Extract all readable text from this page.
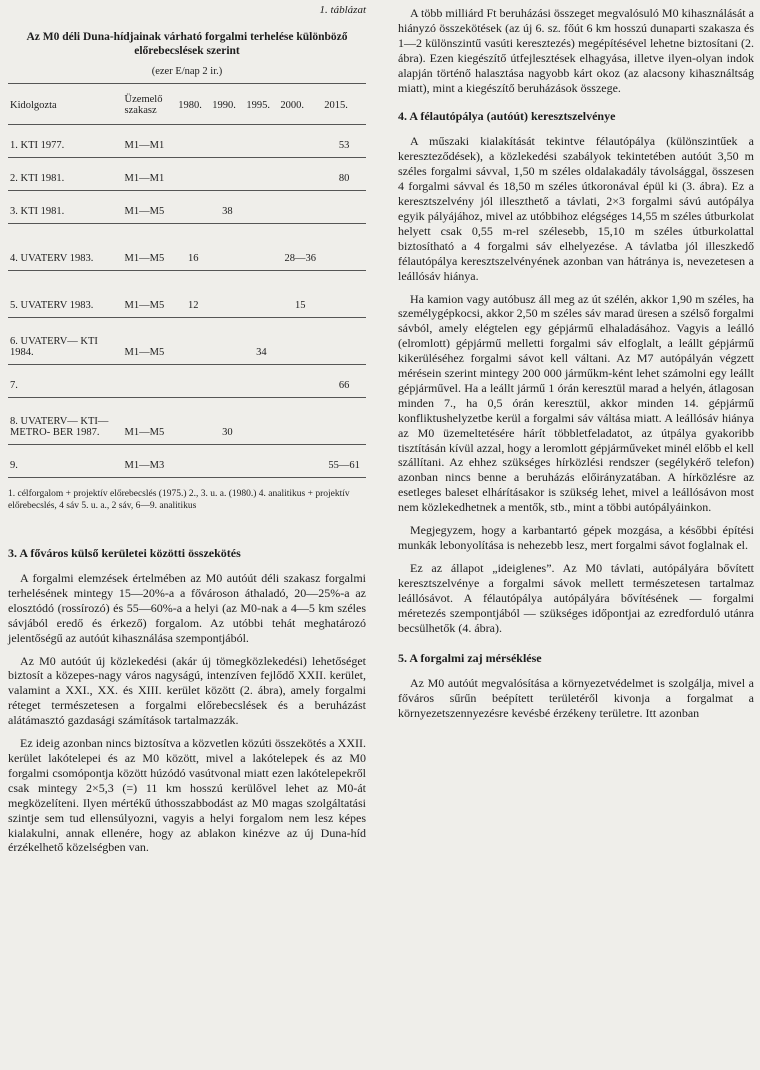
1. táblázat
Az M0 déli Duna-hídjainak várható forgalmi terhelése különböző előrebecslések szerint
(ezer E/nap 2 ir.)
Kidolgozta	Üzemelő szakasz	1980.	1990.	1995.	2000.	2015.
1. KTI 1977.	M1—M1					53
2. KTI 1981.	M1—M1					80
3. KTI 1981.	M1—M5		38			
4. UVATERV 1983.	M1—M5	16			28—36	
5. UVATERV 1983.	M1—M5	12			15	
6. UVATERV— KTI 1984.	M1—M5			34		
7.						66
8. UVATERV— KTI—METRO- BER 1987.	M1—M5		30			
9.	M1—M3					55—61
1. célforgalom + projektív előrebecslés (1975.) 2., 3. u. a. (1980.) 4. analitikus + projektív előrebecslés, 4 sáv 5. u. a., 2 sáv, 6—9. analitikus
3. A főváros külső kerületei közötti összekötés

A forgalmi elemzések értelmében az M0 autóút déli szakasz forgalmi terhelésének mintegy 15—20%-a a fővároson áthaladó, 20—25%-a az elosztódó (rossírozó) és 55—60%-a a helyi (az M0-nak a 4—5 km széles sávjából eredő és érkező) forgalom. Az utóbbi tehát meghatározó jelentőségű az autóút kihasználása szempontjából.

Az M0 autóút új közlekedési (akár új tömegközlekedési) lehetőséget biztosít a közepes-nagy város nagyságú, intenzíven fejlődő XXII. kerület, valamint a XXI., XX. és XIII. kerület között (2. ábra), amely forgalmi réteget természetesen a forgalmi előrebecslések és a beruházást alátámasztó gazdasági számítások tartalmazzák.

Ez ideig azonban nincs biztosítva a közvetlen közúti összekötés a XXII. kerület lakótelepei és az M0 között, mivel a lakótelepek és az M0 forgalmi csomópontja között húzódó vasútvonal miatt ezen lakótelepekről csak mintegy 2×5,3 (=) 11 km hosszú kerülővel lehet az M0-át megközelíteni. Ilyen mértékű úthosszabbodást az M0 magas szolgáltatási szintje sem tud ellensúlyozni, vagyis a helyi forgalom nem lesz képes kialakulni, annak ellenére, hogy az ablakon kinézve az új Duna-híd érzékelhető közelségben van.

A több milliárd Ft beruházási összeget megvalósuló M0 kihasználását a hiányzó összekötések (az új 6. sz. főút 6 km hosszú dunaparti szakasza és 1—2 különszintű vasúti keresztezés) megépítésével lehetne biztosítani (2. ábra). Ezen kiegészítő útfejlesztések elhagyása, illetve ilyen-olyan indok alapján történő halasztása nagyobb kárt okoz (az alacsony kihasználtság miatt), mint a kiegészítő beruházások összege.

4. A félautópálya (autóút) keresztszelvénye

A műszaki kialakítását tekintve félautópálya (különszintűek a kereszteződések), a közlekedési szabályok tekintetében autóút 3,50 m széles forgalmi sávval, 1,50 m széles oldalakadály távolsággal, összesen 4 forgalmi sávval és 18,50 m széles útkoronával épül ki (3. ábra). Ez a keresztszelvény jól illeszthető a távlati, 2×3 forgalmi sávú autópálya egyik pályájához, mivel az utóbbihoz elégséges 14,55 m széles útburkolat helyett csak 0,55 m-rel szélesebb, 15,10 m széles útburkolattal biztosítható a 4 forgalmi sáv elhelyezése. A távlatba jól illeszkedő félautópálya keresztszelvényének azonban van hátránya is, nevezetesen a leállósáv hiánya.

Ha kamion vagy autóbusz áll meg az út szélén, akkor 1,90 m széles, ha személygépkocsi, akkor 2,50 m széles sáv marad üresen a szélső forgalmi sávból, amely elégtelen egy gépjármű elhaladásához. Vagyis a leálló (elromlott) gépjármű melletti forgalmi sáv elfoglalt, a leállt gépjármű kikerüléséhez forgalmi sávot kell váltani. Az M7 autópályán végzett mérésein szerint mintegy 200 000 járműkm-ként lehet számolni egy leállt gépjárművel. Ha a leállt jármű 1 órán keresztül marad a helyén, átlagosan minden 7., ha 0,5 órán keresztül, akkor minden 14. gépjármű konfliktushelyzetbe kerül a forgalmi sáv váltása miatt. A leállósáv hiánya az M0 üzemeltetésére hárít többletfeladatot, az útpálya gyakoribb tisztításán kívül azzal, hogy a leromlott gépjárműveket minél előbb el kell szállítani. Az ehhez szükséges hírközlési rendszer (segélykérő telefon) azonban nincs benne a beruházás előirányzatában. A hírközlésre az esetleges baleset elhárításakor is szükség lehet, mivel a leállósávon most nem közlekedhetnek a mentők, stb., mint a többi autópályáinkon.

Megjegyzem, hogy a karbantartó gépek mozgása, a későbbi építési munkák lebonyolítása is nehezebb lesz, mert forgalmi sávot foglalnak el.

Ez az állapot „ideiglenes”. Az M0 távlati, autópályára bővített keresztszelvénye a forgalmi sávok mellett természetesen tartalmaz leállósávot. A félautópálya autópályára bővítésének — forgalmi méretezés szempontjából — szükséges időpontjai az ezredforduló utánra becsülhetők (4. ábra).

5. A forgalmi zaj mérséklése

Az M0 autóút megvalósítása a környezetvédelmet is szolgálja, mivel a főváros sűrűn beépített területéről kivonja a forgalmat a környezetszennyezésre kevésbé érzékeny területre. Itt azonban
